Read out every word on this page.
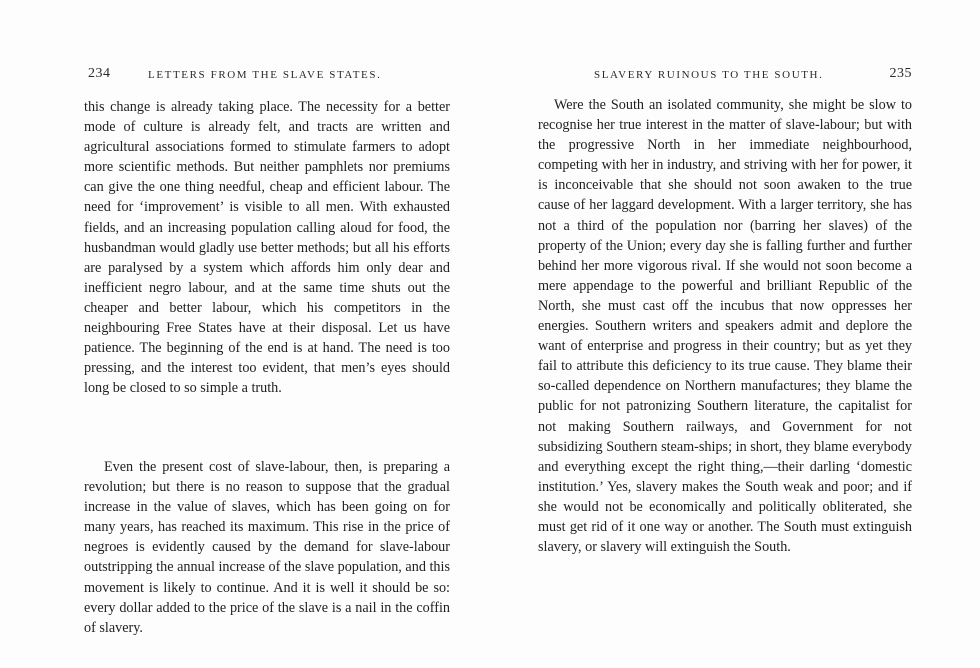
234	LETTERS FROM THE SLAVE STATES.

this change is already taking place. The necessity for a better mode of culture is already felt, and tracts are written and agricultural associations formed to stimulate farmers to adopt more scientific methods. But neither pamphlets nor premiums can give the one thing needful, cheap and efficient labour. The need for ‘improvement’ is visible to all men. With exhausted fields, and an increasing population calling aloud for food, the husbandman would gladly use better methods; but all his efforts are paralysed by a system which affords him only dear and inefficient negro labour, and at the same time shuts out the cheaper and better labour, which his competitors in the neighbouring Free States have at their disposal. Let us have patience. The beginning of the end is at hand. The need is too pressing, and the interest too evident, that men’s eyes should long be closed to so simple a truth.

Even the present cost of slave-labour, then, is preparing a revolution; but there is no reason to suppose that the gradual increase in the value of slaves, which has been going on for many years, has reached its maximum. This rise in the price of negroes is evidently caused by the demand for slave-labour outstripping the annual increase of the slave population, and this movement is likely to continue. And it is well it should be so: every dollar added to the price of the slave is a nail in the coffin of slavery.

SLAVERY RUINOUS TO THE SOUTH.	235

Were the South an isolated community, she might be slow to recognise her true interest in the matter of slave-labour; but with the progressive North in her immediate neighbourhood, competing with her in industry, and striving with her for power, it is inconceivable that she should not soon awaken to the true cause of her laggard development. With a larger territory, she has not a third of the population nor (barring her slaves) of the property of the Union; every day she is falling further and further behind her more vigorous rival. If she would not soon become a mere appendage to the powerful and brilliant Republic of the North, she must cast off the incubus that now oppresses her energies. Southern writers and speakers admit and deplore the want of enterprise and progress in their country; but as yet they fail to attribute this deficiency to its true cause. They blame their so-called dependence on Northern manufactures; they blame the public for not patronizing Southern literature, the capitalist for not making Southern railways, and Government for not subsidizing Southern steam-ships; in short, they blame everybody and everything except the right thing,—their darling ‘domestic institution.’ Yes, slavery makes the South weak and poor; and if she would not be economically and politically obliterated, she must get rid of it one way or another. The South must extinguish slavery, or slavery will extinguish the South.
